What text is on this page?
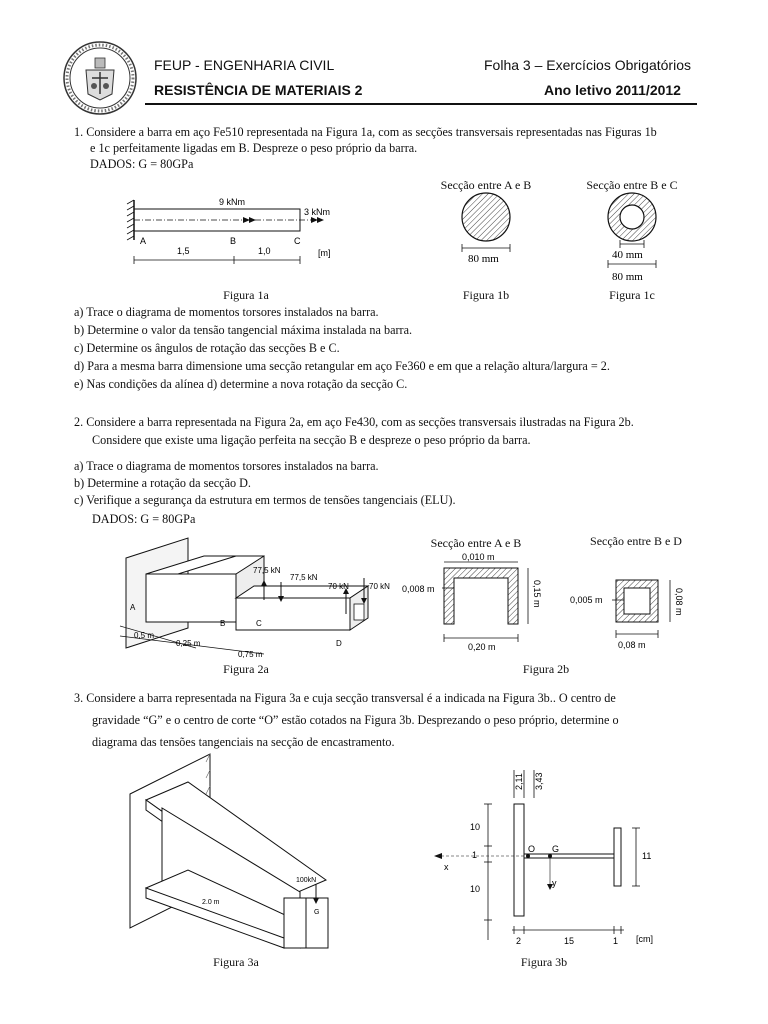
FEUP - ENGENHARIA CIVIL	Folha 3 – Exercícios Obrigatórios
RESISTÊNCIA DE MATERIAIS 2	Ano letivo 2011/2012
1. Considere a barra em aço Fe510 representada na Figura 1a, com as secções transversais representadas nas Figuras 1b
e 1c perfeitamente ligadas em B. Despreze o peso próprio da barra.
DADOS: G = 80GPa
9 kNm
3 kNm
A	B	C
1,5	1,0	[m]
Figura 1a
Secção entre A e B
80 mm
Figura 1b
Secção entre B e C
40 mm
80 mm
Figura 1c
a) Trace o diagrama de momentos torsores instalados na barra.
b) Determine o valor da tensão tangencial máxima instalada na barra.
c) Determine os ângulos de rotação das secções B e C.
d) Para a mesma barra dimensione uma secção retangular em aço Fe360 e em que a relação altura/largura = 2.
e) Nas condições da alínea d) determine a nova rotação da secção C.
2. Considere a barra representada na Figura 2a, em aço Fe430, com as secções transversais ilustradas na Figura 2b.
Considere que existe uma ligação perfeita na secção B e despreze o peso próprio da barra.
a) Trace o diagrama de momentos torsores instalados na barra.
b) Determine a rotação da secção D.
c) Verifique a segurança da estrutura em termos de tensões tangenciais (ELU).
DADOS: G = 80GPa
77,5 kN
77,5 kN
70 kN	70 kN
A
B	C
D
0,5 m
0,25 m
0,75 m
Figura 2a
Secção entre A e B
0,010 m
0,008 m	0,15 m
0,20 m
Secção entre B e D
0,005 m	0,08 m
0,08 m
Figura 2b
3. Considere a barra representada na Figura 3a e cuja secção transversal é a indicada na Figura 3b.. O centro de
gravidade “G” e o centro de corte “O” estão cotados na Figura 3b. Desprezando o peso próprio, determine o
diagrama das tensões tangenciais na secção de encastramento.
100kN
2.0 m
G
Figura 3a
10
1
10
2,11 3,43
x
y
O G
11
2	15	1 [cm]
Figura 3b
